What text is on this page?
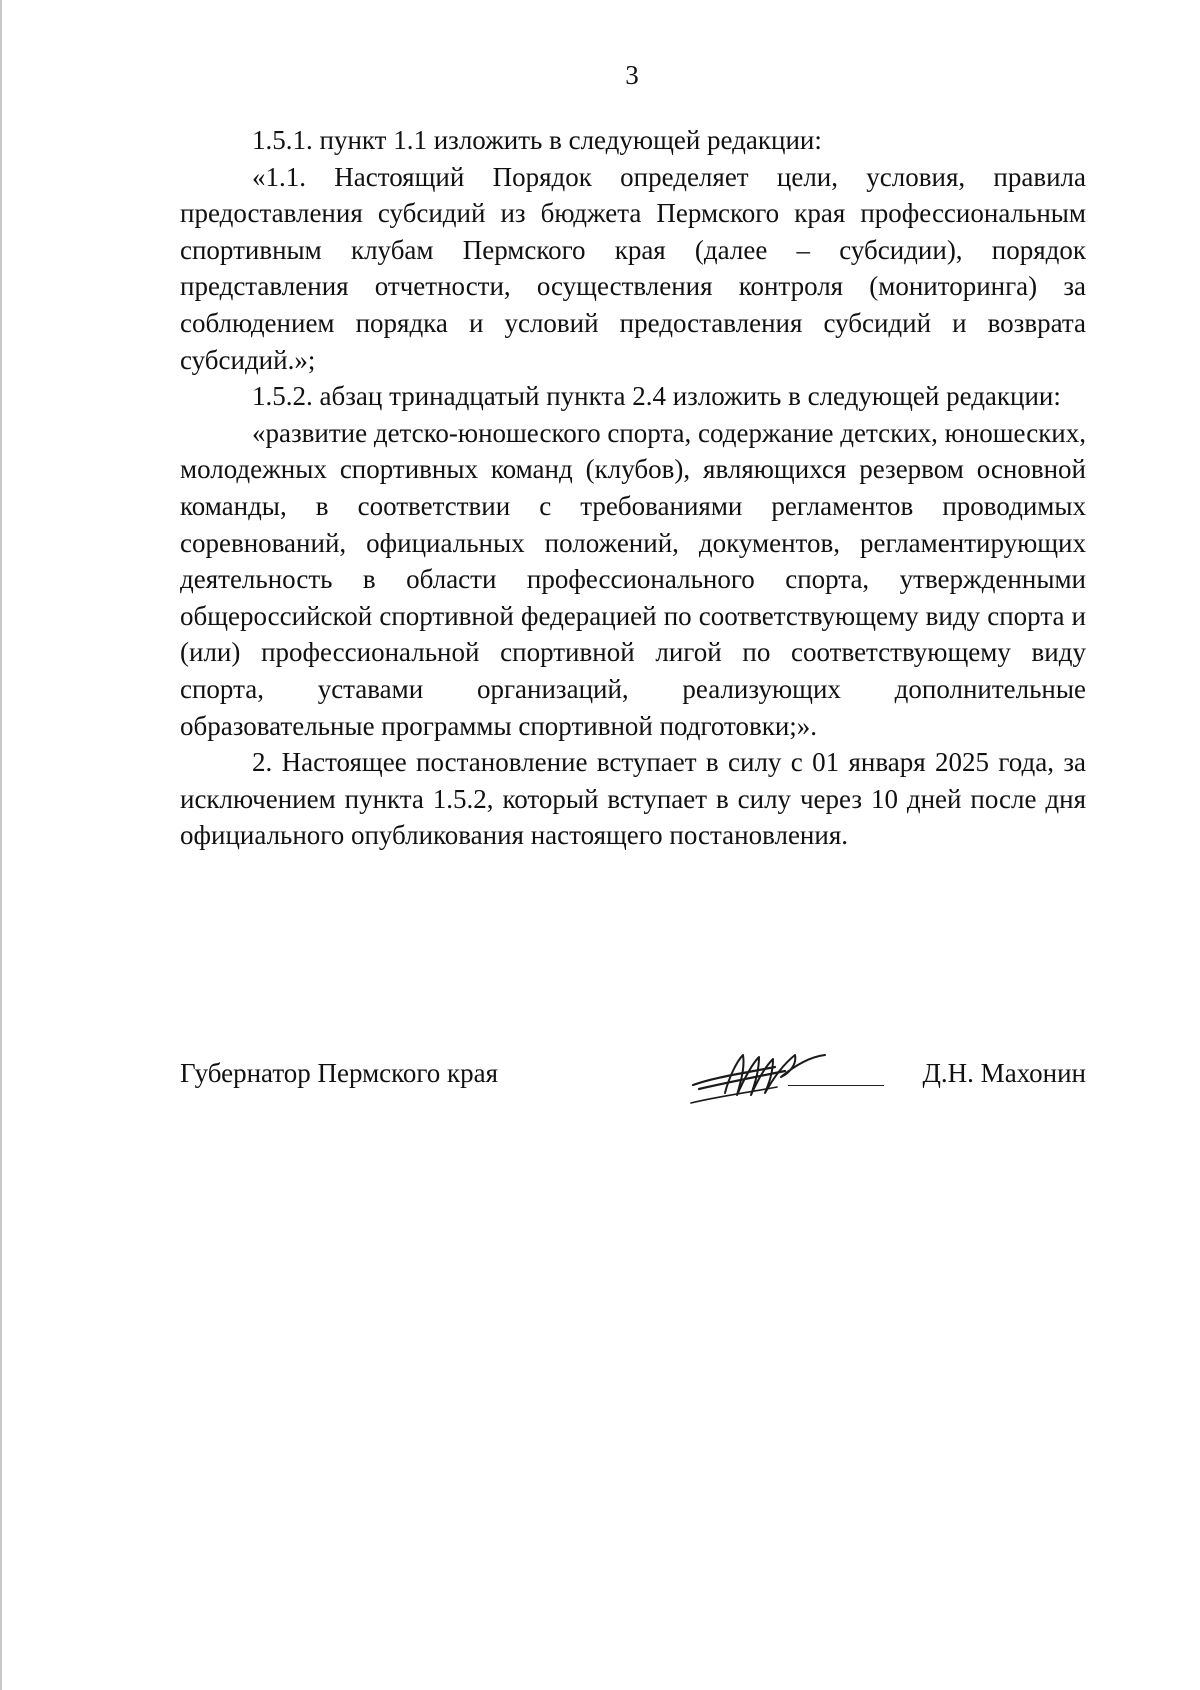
3

1.5.1. пункт 1.1 изложить в следующей редакции:

«1.1. Настоящий Порядок определяет цели, условия, правила предоставления субсидий из бюджета Пермского края профессиональным спортивным клубам Пермского края (далее – субсидии), порядок представления отчетности, осуществления контроля (мониторинга) за соблюдением порядка и условий предоставления субсидий и возврата субсидий.»;

1.5.2. абзац тринадцатый пункта 2.4 изложить в следующей редакции:

«развитие детско-юношеского спорта, содержание детских, юношеских, молодежных спортивных команд (клубов), являющихся резервом основной команды, в соответствии с требованиями регламентов проводимых соревнований, официальных положений, документов, регламентирующих деятельность в области профессионального спорта, утвержденными общероссийской спортивной федерацией по соответствующему виду спорта и (или) профессиональной спортивной лигой по соответствующему виду спорта, уставами организаций, реализующих дополнительные образовательные программы спортивной подготовки;».

2. Настоящее постановление вступает в силу с 01 января 2025 года, за исключением пункта 1.5.2, который вступает в силу через 10 дней после дня официального опубликования настоящего постановления.

Губернатор Пермского края	Д.Н. Махонин
